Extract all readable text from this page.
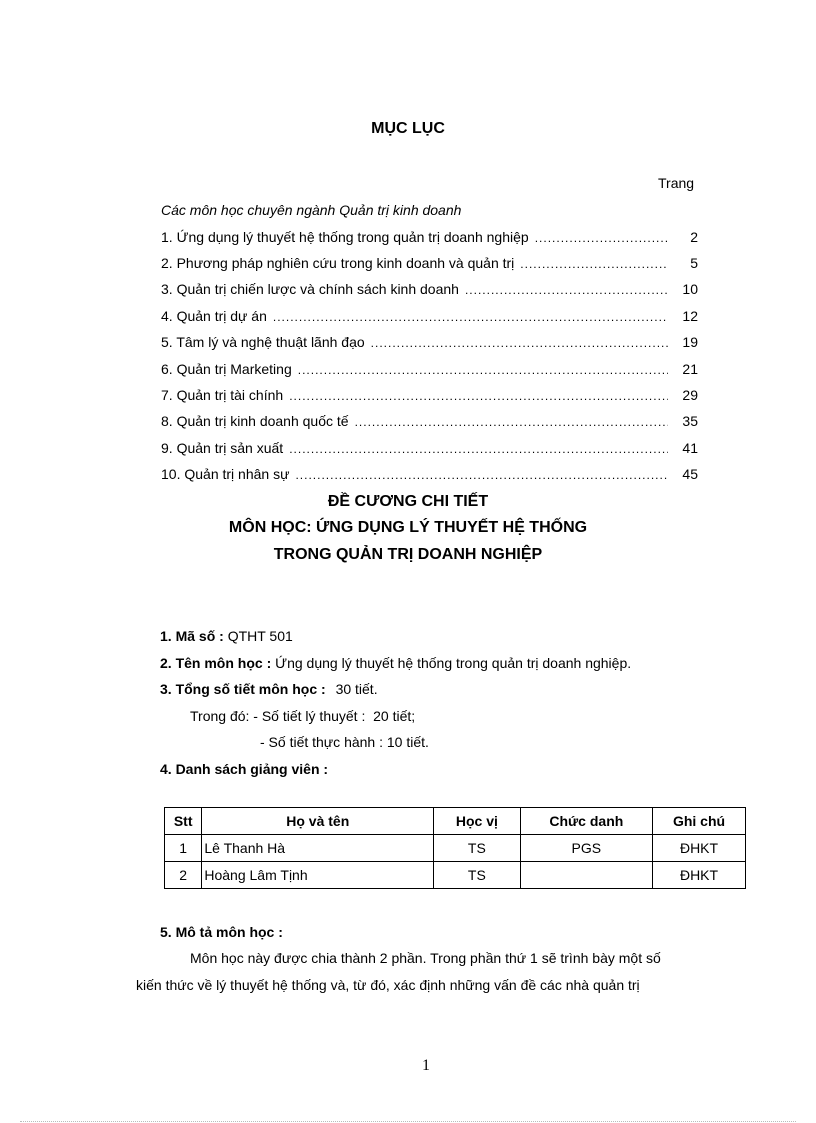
MỤC LỤC
Trang
Các môn học chuyên ngành Quản trị kinh doanh
1. Ứng dụng lý thuyết hệ thống trong quản trị doanh nghiệp .....	2
2. Phương pháp nghiên cứu trong kinh doanh và quản trị .....	5
3. Quản trị chiến lược và chính sách kinh doanh .....	10
4. Quản trị dự án .....	12
5. Tâm lý và nghệ thuật lãnh đạo .....	19
6. Quản trị Marketing .....	21
7. Quản trị tài chính .....	29
8. Quản trị kinh doanh quốc tế .....	35
9. Quản trị sản xuất .....	41
10. Quản trị nhân sự .....	45
ĐỀ CƯƠNG CHI TIẾT
MÔN HỌC: ỨNG DỤNG LÝ THUYẾT HỆ THỐNG
TRONG QUẢN TRỊ DOANH NGHIỆP
1. Mã số : QTHT 501
2. Tên môn học : Ứng dụng lý thuyết hệ thống trong quản trị doanh nghiệp.
3. Tổng số tiết môn học : 30 tiết.
Trong đó: - Số tiết lý thuyết :  20 tiết;
- Số tiết thực hành : 10 tiết.
4. Danh sách giảng viên :
Stt	Họ và tên	Học vị	Chức danh	Ghi chú
1	Lê Thanh Hà	TS	PGS	ĐHKT
2	Hoàng Lâm Tịnh	TS		ĐHKT
5. Mô tả môn học :
Môn học này được chia thành 2 phần. Trong phần thứ 1 sẽ trình bày một số
kiến thức về lý thuyết hệ thống và, từ đó, xác định những vấn đề các nhà quản trị
1
